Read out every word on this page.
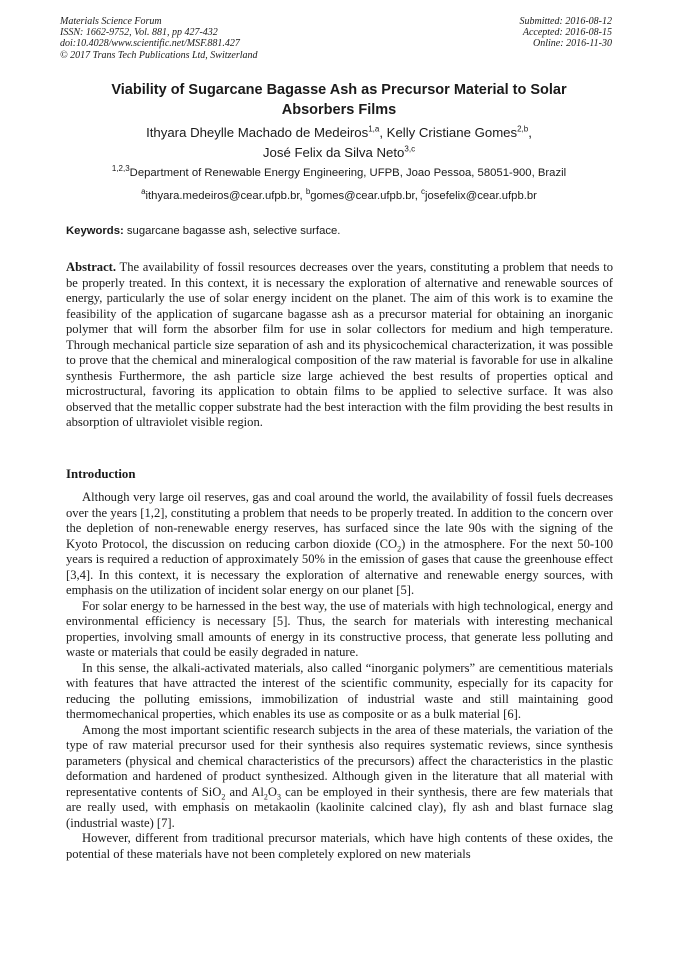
Materials Science Forum
ISSN: 1662-9752, Vol. 881, pp 427-432
doi:10.4028/www.scientific.net/MSF.881.427
© 2017 Trans Tech Publications Ltd, Switzerland
Submitted: 2016-08-12
Accepted: 2016-08-15
Online: 2016-11-30
Viability of Sugarcane Bagasse Ash as Precursor Material to Solar
Absorbers Films
Ithyara Dheylle Machado de Medeiros$^{1,a}$, Kelly Cristiane Gomes$^{2,b}$,
José Felix da Silva Neto$^{3,c}$
$^{1,2,3}$Department of Renewable Energy Engineering, UFPB, Joao Pessoa, 58051-900, Brazil
$^a$ithyara.medeiros@cear.ufpb.br, $^b$gomes@cear.ufpb.br, $^c$josefelix@cear.ufpb.br
Keywords: sugarcane bagasse ash, selective surface.

Abstract. The availability of fossil resources decreases over the years, constituting a problem that needs to be properly treated. In this context, it is necessary the exploration of alternative and renewable sources of energy, particularly the use of solar energy incident on the planet. The aim of this work is to examine the feasibility of the application of sugarcane bagasse ash as a precursor material for obtaining an inorganic polymer that will form the absorber film for use in solar collectors for medium and high temperature. Through mechanical particle size separation of ash and its physicochemical characterization, it was possible to prove that the chemical and mineralogical composition of the raw material is favorable for use in alkaline synthesis Furthermore, the ash particle size large achieved the best results of properties optical and microstructural, favoring its application to obtain films to be applied to selective surface. It was also observed that the metallic copper substrate had the best interaction with the film providing the best results in absorption of ultraviolet visible region.

Introduction

Although very large oil reserves, gas and coal around the world, the availability of fossil fuels decreases over the years [1,2], constituting a problem that needs to be properly treated. In addition to the concern over the depletion of non-renewable energy reserves, has surfaced since the late 90s with the signing of the Kyoto Protocol, the discussion on reducing carbon dioxide $(CO_2)$ in the atmosphere. For the next 50-100 years is required a reduction of approximately 50% in the emission of gases that cause the greenhouse effect [3,4]. In this context, it is necessary the exploration of alternative and renewable energy sources, with emphasis on the utilization of incident solar energy on our planet [5].

For solar energy to be harnessed in the best way, the use of materials with high technological, energy and environmental efficiency is necessary [5]. Thus, the search for materials with interesting mechanical properties, involving small amounts of energy in its constructive process, that generate less polluting and waste or materials that could be easily degraded in nature.

In this sense, the alkali-activated materials, also called “inorganic polymers” are cementitious materials with features that have attracted the interest of the scientific community, especially for its capacity for reducing the polluting emissions, immobilization of industrial waste and still maintaining good thermomechanical properties, which enables its use as composite or as a bulk material [6].

Among the most important scientific research subjects in the area of these materials, the variation of the type of raw material precursor used for their synthesis also requires systematic reviews, since synthesis parameters (physical and chemical characteristics of the precursors) affect the characteristics in the plastic deformation and hardened of product synthesized. Although given in the literature that all material with representative contents of SiO$_2$ and $Al_2O_3$ can be employed in their synthesis, there are few materials that are really used, with emphasis on metakaolin (kaolinite calcined clay), fly ash and blast furnace slag (industrial waste) [7].

However, different from traditional precursor materials, which have high contents of these oxides, the potential of these materials have not been completely explored on new materials
